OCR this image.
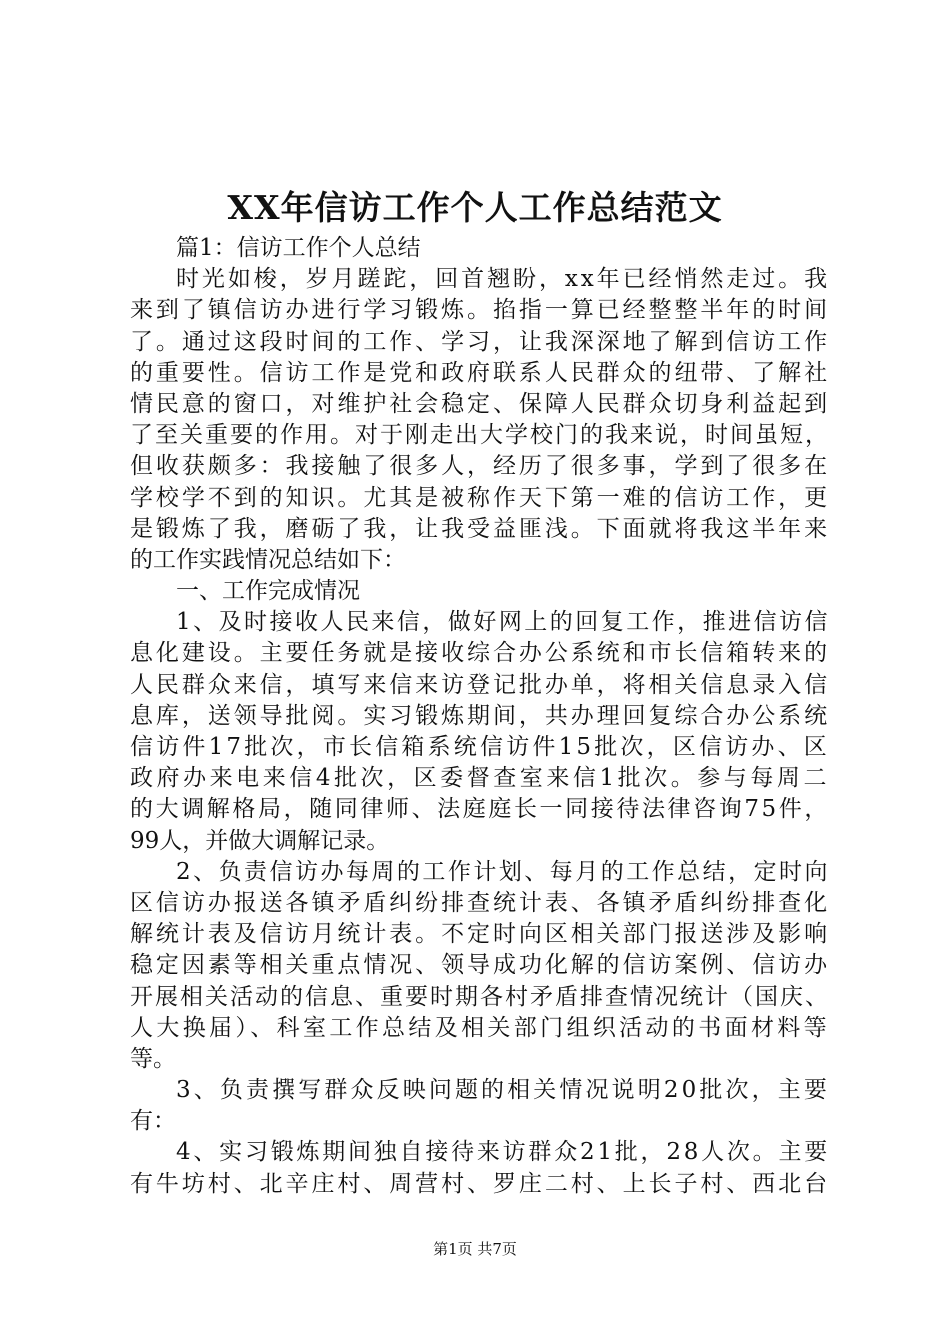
XX年信访工作个人工作总结范文
篇1：信访工作个人总结
时光如梭，岁月蹉跎，回首翘盼，xx年已经悄然走过。我
来到了镇信访办进行学习锻炼。掐指一算已经整整半年的时间
了。通过这段时间的工作、学习，让我深深地了解到信访工作
的重要性。信访工作是党和政府联系人民群众的纽带、了解社
情民意的窗口，对维护社会稳定、保障人民群众切身利益起到
了至关重要的作用。对于刚走出大学校门的我来说，时间虽短，
但收获颇多：我接触了很多人，经历了很多事，学到了很多在
学校学不到的知识。尤其是被称作天下第一难的信访工作，更
是锻炼了我，磨砺了我，让我受益匪浅。下面就将我这半年来
的工作实践情况总结如下：
一、工作完成情况
1、及时接收人民来信，做好网上的回复工作，推进信访信
息化建设。主要任务就是接收综合办公系统和市长信箱转来的
人民群众来信，填写来信来访登记批办单，将相关信息录入信
息库，送领导批阅。实习锻炼期间，共办理回复综合办公系统
信访件17批次，市长信箱系统信访件15批次，区信访办、区
政府办来电来信4批次，区委督查室来信1批次。参与每周二
的大调解格局，随同律师、法庭庭长一同接待法律咨询75件，
99人，并做大调解记录。
2、负责信访办每周的工作计划、每月的工作总结，定时向
区信访办报送各镇矛盾纠纷排查统计表、各镇矛盾纠纷排查化
解统计表及信访月统计表。不定时向区相关部门报送涉及影响
稳定因素等相关重点情况、领导成功化解的信访案例、信访办
开展相关活动的信息、重要时期各村矛盾排查情况统计（国庆、
人大换届）、科室工作总结及相关部门组织活动的书面材料等
等。
3、负责撰写群众反映问题的相关情况说明20批次，主要
有：
4、实习锻炼期间独自接待来访群众21批，28人次。主要
有牛坊村、北辛庄村、周营村、罗庄二村、上长子村、西北台
第1页 共7页
